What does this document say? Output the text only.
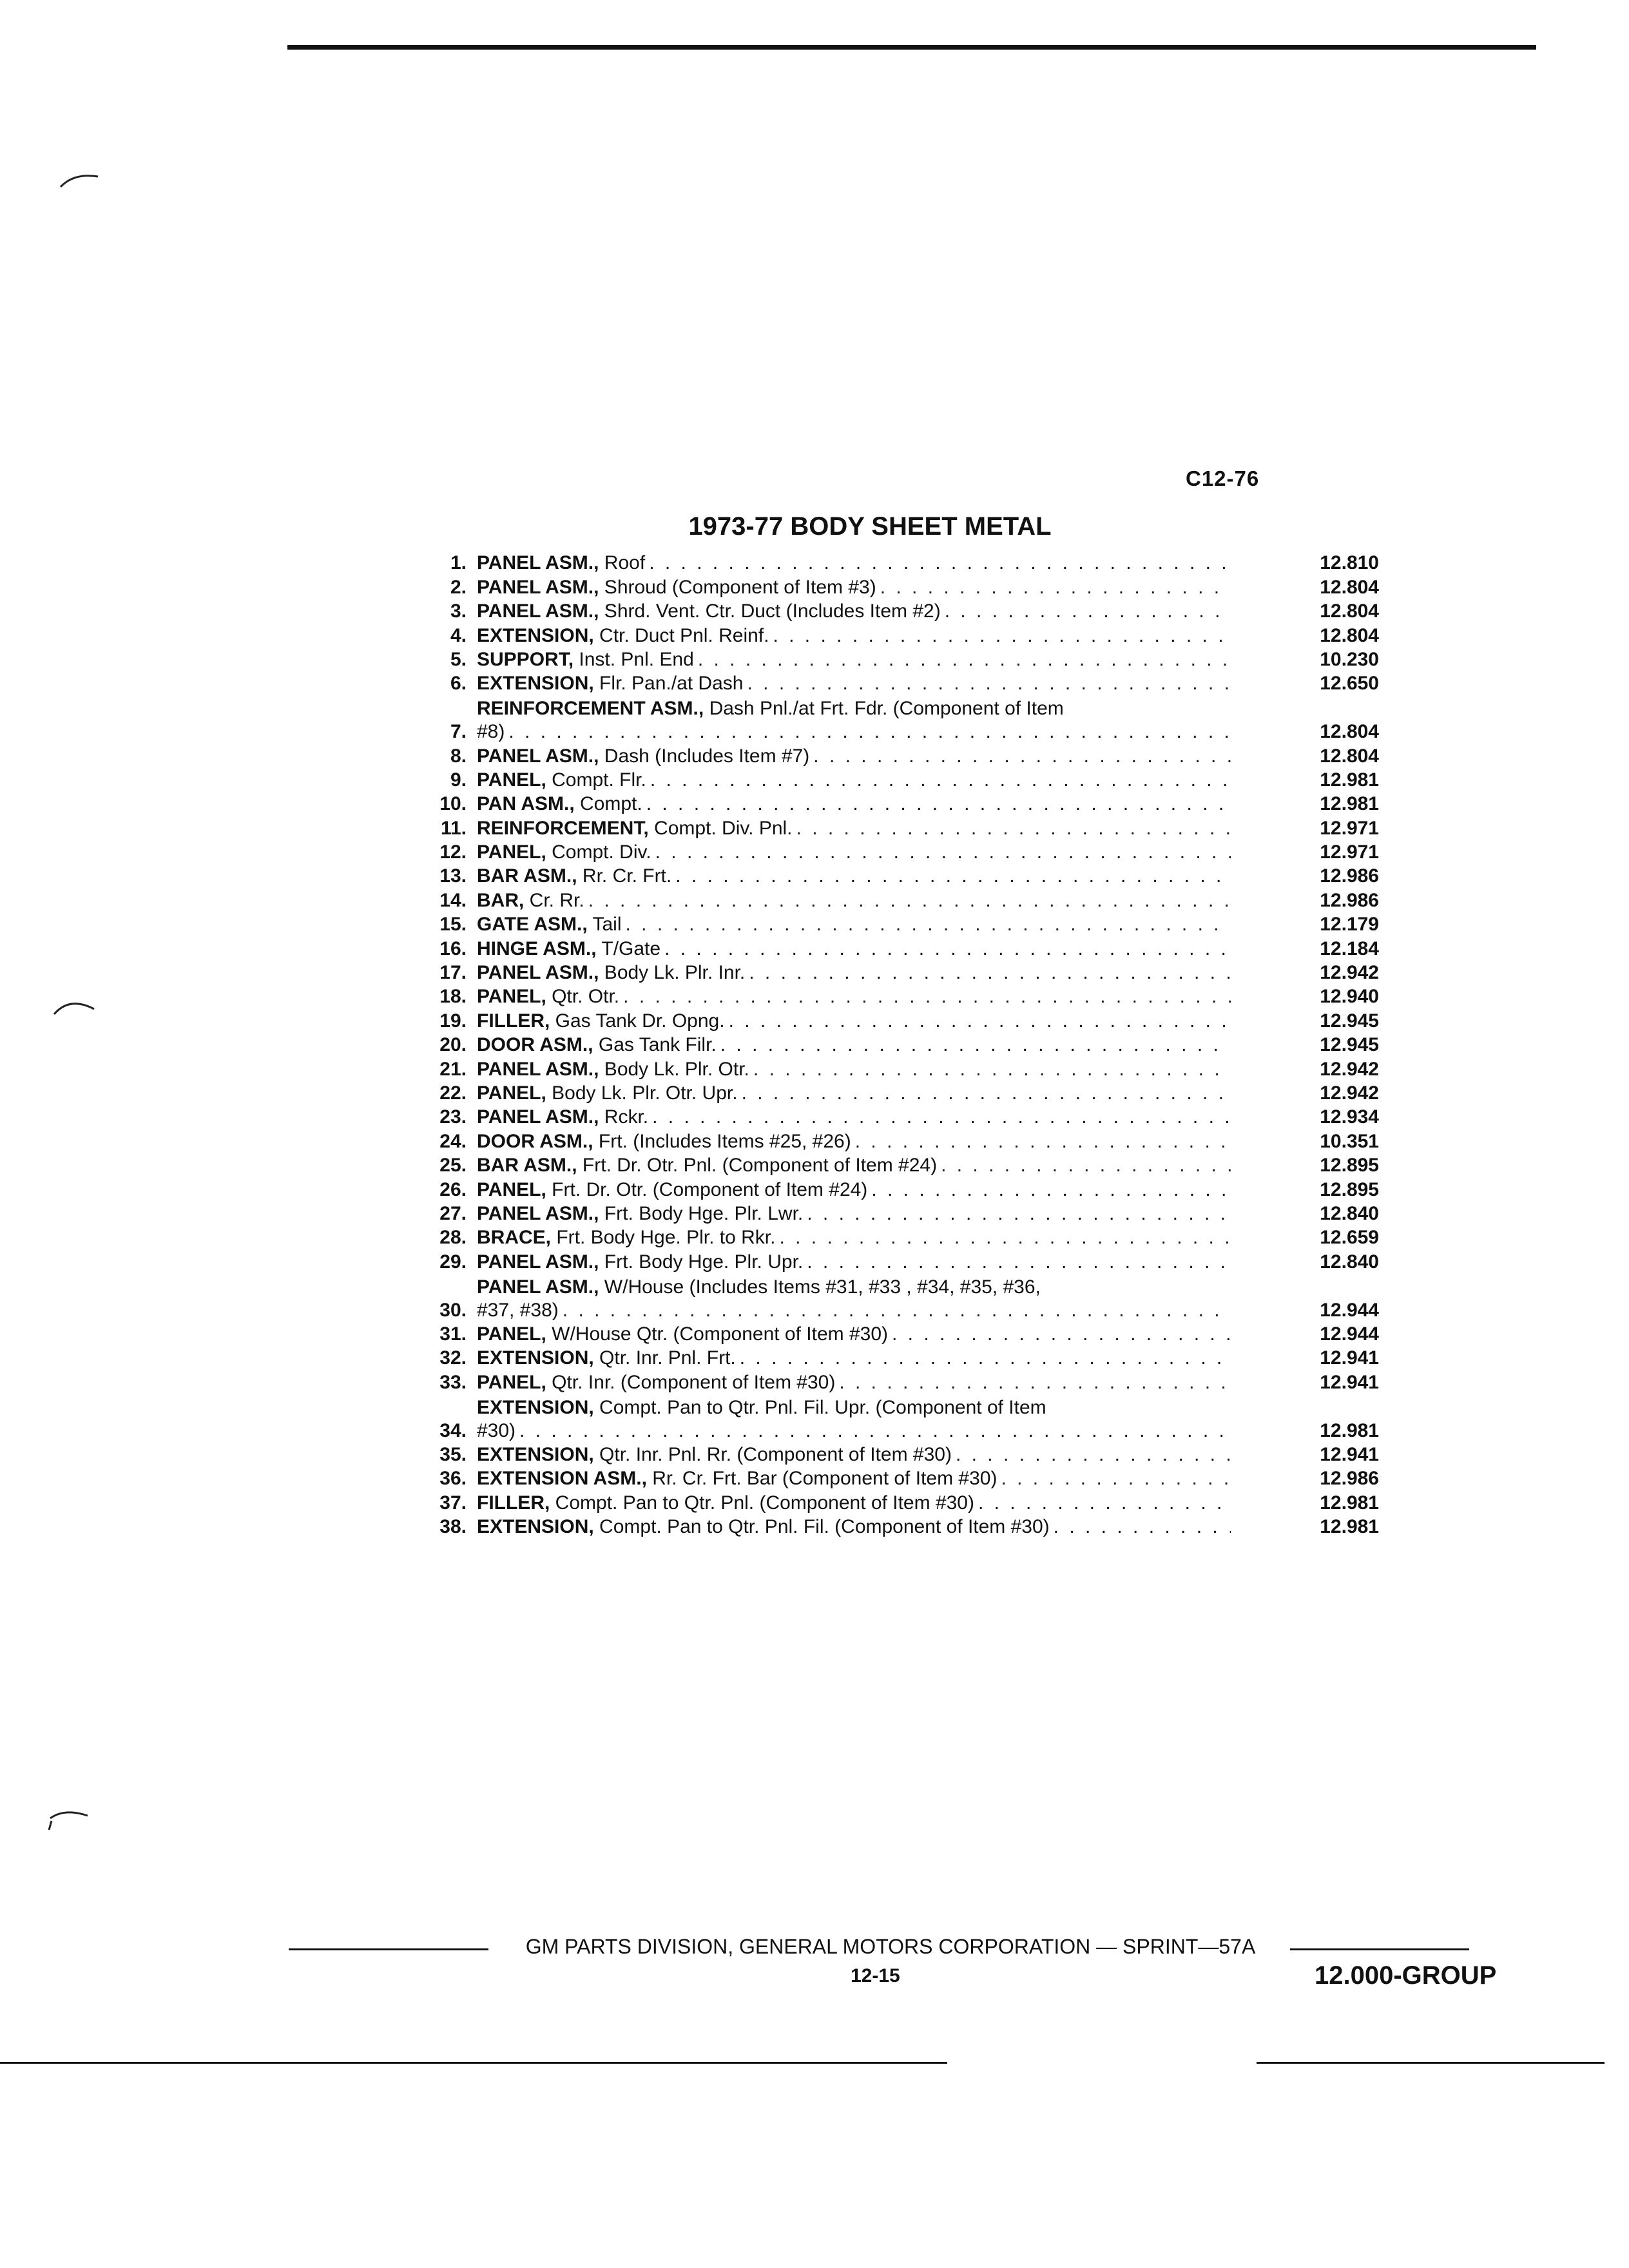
C12-76
1973-77 BODY SHEET METAL
1. PANEL ASM., Roof . . .	12.810
2. PANEL ASM., Shroud (Component of Item #3) . . .	12.804
3. PANEL ASM., Shrd. Vent. Ctr. Duct (Includes Item #2) . . .	12.804
4. EXTENSION, Ctr. Duct Pnl. Reinf. . . .	12.804
5. SUPPORT, Inst. Pnl. End . . .	10.230
6. EXTENSION, Flr. Pan./at Dash . . .	12.650
7.
REINFORCEMENT ASM., Dash Pnl./at Frt. Fdr. (Component of Item
#8) . . .	12.804
8. PANEL ASM., Dash (Includes Item #7) . . .	12.804
9. PANEL, Compt. Flr. . . .	12.981
10. PAN ASM., Compt. . . .	12.981
11. REINFORCEMENT, Compt. Div. Pnl. . . .	12.971
12. PANEL, Compt. Div. . . .	12.971
13. BAR ASM., Rr. Cr. Frt. . . .	12.986
14. BAR, Cr. Rr. . . .	12.986
15. GATE ASM., Tail . . .	12.179
16. HINGE ASM., T/Gate . . .	12.184
17. PANEL ASM., Body Lk. Plr. Inr. . . .	12.942
18. PANEL, Qtr. Otr. . . .	12.940
19. FILLER, Gas Tank Dr. Opng. . . .	12.945
20. DOOR ASM., Gas Tank Filr. . . .	12.945
21. PANEL ASM., Body Lk. Plr. Otr. . . .	12.942
22. PANEL, Body Lk. Plr. Otr. Upr. . . .	12.942
23. PANEL ASM., Rckr. . . .	12.934
24. DOOR ASM., Frt. (Includes Items #25, #26) . . .	10.351
25. BAR ASM., Frt. Dr. Otr. Pnl. (Component of Item #24) . . .	12.895
26. PANEL, Frt. Dr. Otr. (Component of Item #24) . . .	12.895
27. PANEL ASM., Frt. Body Hge. Plr. Lwr. . . .	12.840
28. BRACE, Frt. Body Hge. Plr. to Rkr. . . .	12.659
29. PANEL ASM., Frt. Body Hge. Plr. Upr. . . .	12.840
30.
PANEL ASM., W/House (Includes Items #31, #33 , #34, #35, #36,
#37, #38) . . .	12.944
31. PANEL, W/House Qtr. (Component of Item #30) . . .	12.944
32. EXTENSION, Qtr. Inr. Pnl. Frt. . . .	12.941
33. PANEL, Qtr. Inr. (Component of Item #30) . . .	12.941
34.
EXTENSION, Compt. Pan to Qtr. Pnl. Fil. Upr. (Component of Item
#30) . . .	12.981
35. EXTENSION, Qtr. Inr. Pnl. Rr. (Component of Item #30) . . .	12.941
36. EXTENSION ASM., Rr. Cr. Frt. Bar (Component of Item #30) . . .	12.986
37. FILLER, Compt. Pan to Qtr. Pnl. (Component of Item #30) . . .	12.981
38. EXTENSION, Compt. Pan to Qtr. Pnl. Fil. (Component of Item #30) . . .	12.981
GM PARTS DIVISION, GENERAL MOTORS CORPORATION — SPRINT—57A
12-15	12.000-GROUP
